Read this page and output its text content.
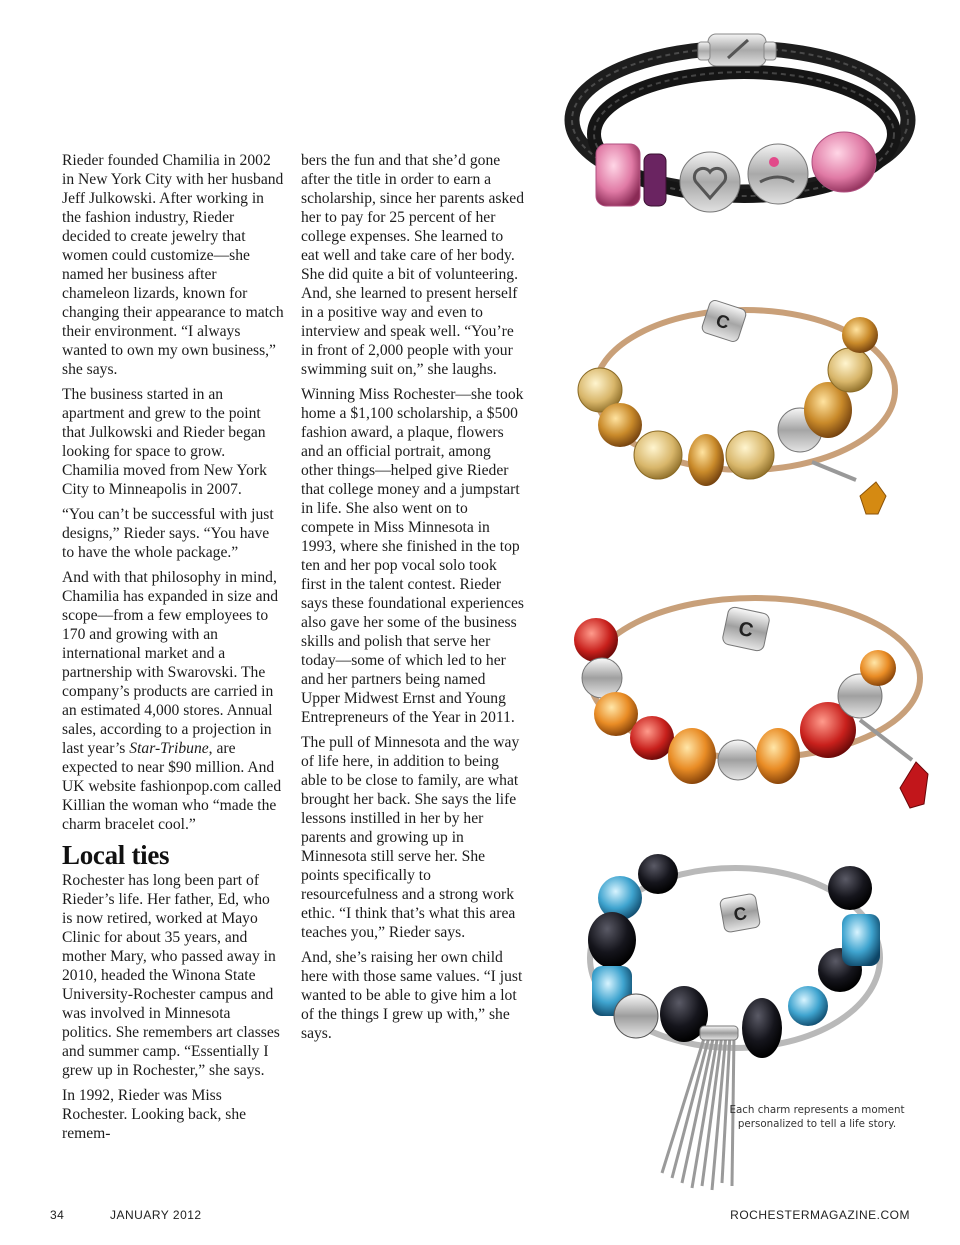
Rieder founded Chamilia in 2002 in New York City with her husband Jeff Julkowski. After working in the fashion industry, Rieder decided to create jewelry that women could customize—she named her business after chameleon lizards, known for changing their appearance to match their environment. “I always wanted to own my own business,” she says.

The business started in an apartment and grew to the point that Julkowski and Rieder began looking for space to grow. Chamilia moved from New York City to Minneapolis in 2007.

“You can’t be successful with just designs,” Rieder says. “You have to have the whole package.”

And with that philosophy in mind, Chamilia has expanded in size and scope—from a few employees to 170 and growing with an international market and a partnership with Swarovski. The company’s products are carried in an estimated 4,000 stores. Annual sales, according to a projection in last year’s Star-Tribune, are expected to near $90 million. And UK website fashionpop.com called Killian the woman who “made the charm bracelet cool.”

Local ties

Rochester has long been part of Rieder’s life. Her father, Ed, who is now retired, worked at Mayo Clinic for about 35 years, and mother Mary, who passed away in 2010, headed the Winona State University-Rochester campus and was involved in Minnesota politics. She remembers art classes and summer camp. “Essentially I grew up in Rochester,” she says.

In 1992, Rieder was Miss Rochester. Looking back, she remem-

bers the fun and that she’d gone after the title in order to earn a scholarship, since her parents asked her to pay for 25 percent of her college expenses. She learned to eat well and take care of her body. She did quite a bit of volunteering. And, she learned to present herself in a positive way and even to interview and speak well. “You’re in front of 2,000 people with your swimming suit on,” she laughs.

Winning Miss Rochester—she took home a $1,100 scholarship, a $500 fashion award, a plaque, flowers and an official portrait, among other things—helped give Rieder that college money and a jumpstart in life. She also went on to compete in Miss Minnesota in 1993, where she finished in the top ten and her pop vocal solo took first in the talent contest. Rieder says these foundational experiences also gave her some of the business skills and polish that serve her today—some of which led to her and her partners being named Upper Midwest Ernst and Young Entrepreneurs of the Year in 2011.

The pull of Minnesota and the way of life here, in addition to being able to be close to family, are what brought her back. She says the life lessons instilled in her by her parents and growing up in Minnesota still serve her. She points specifically to resourcefulness and a strong work ethic. “I think that’s what this area teaches you,” Rieder says.

And, she’s raising her own child here with those same values. “I just wanted to be able to give him a lot of the things I grew up with,” she says.

C
C
C
Each charm represents a moment personalized to tell a life story.
34	JANUARY 2012	ROCHESTERMAGAZINE.COM
